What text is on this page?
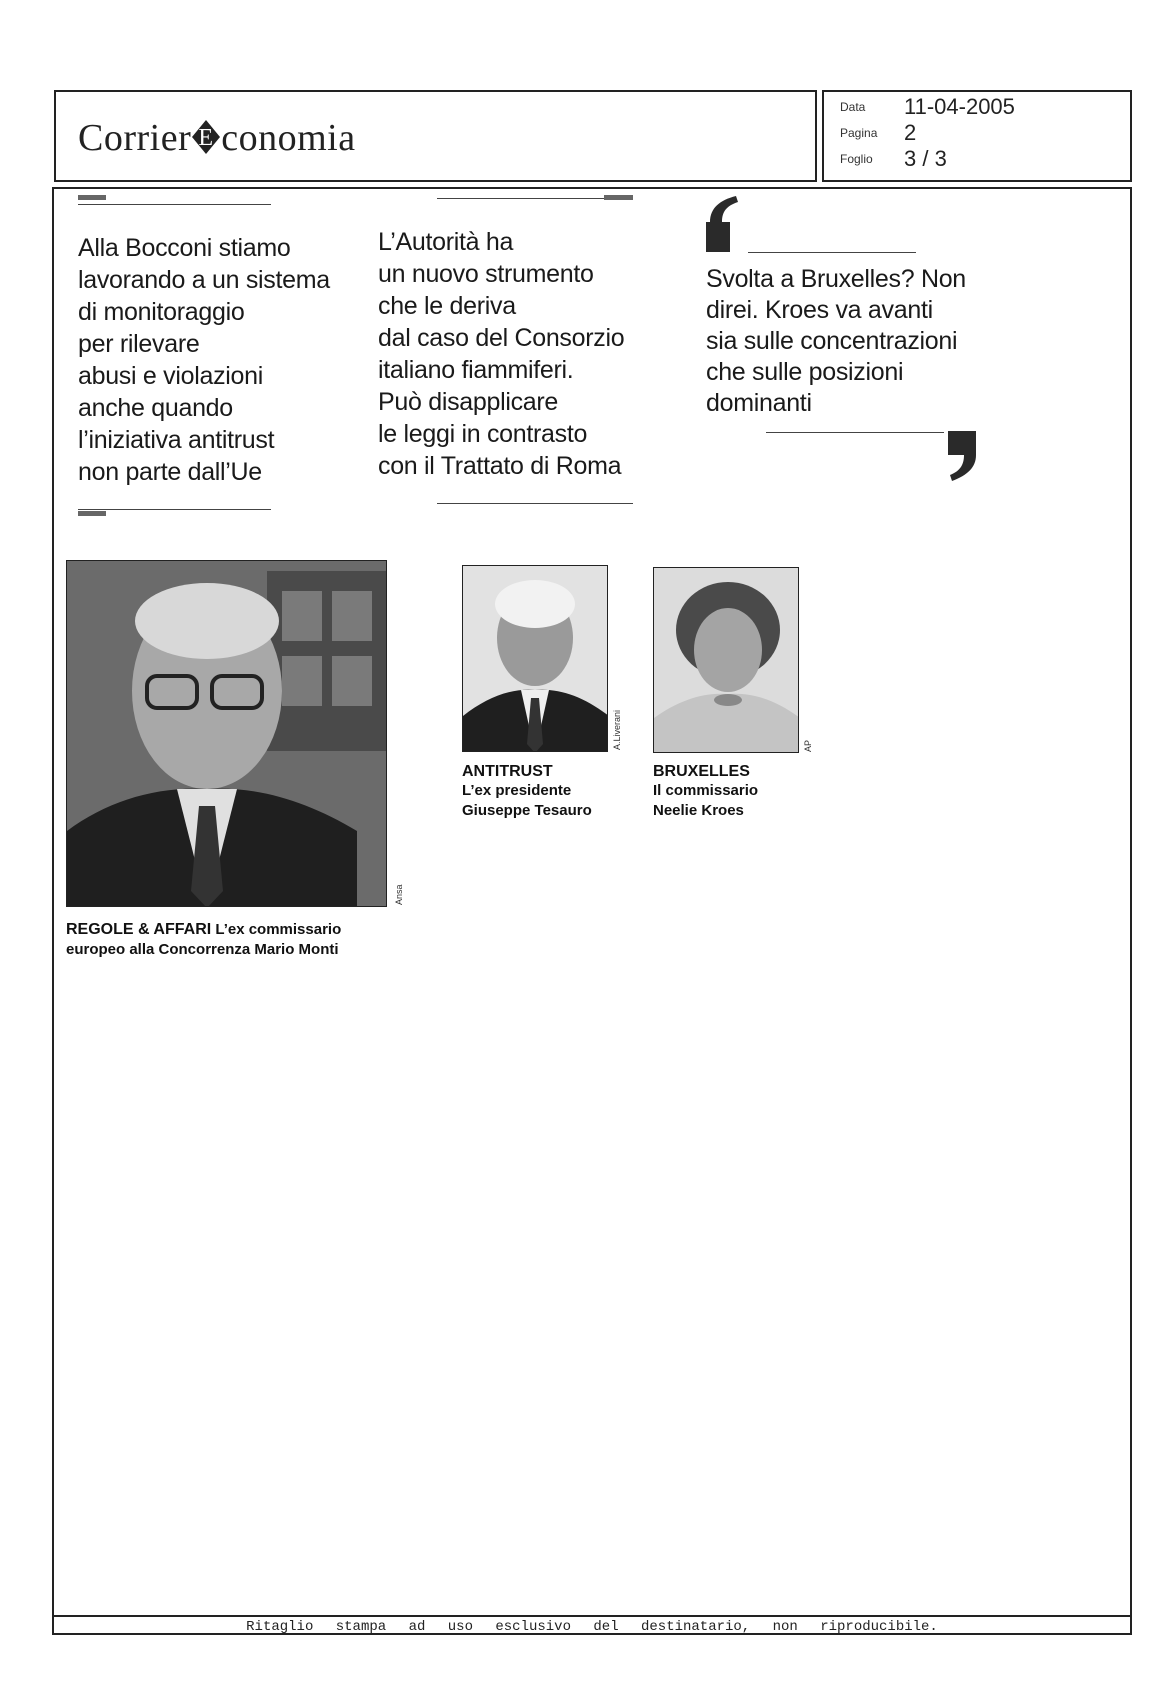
Corrier E conomia
Data 11-04-2005
Pagina 2
Foglio 3 / 3
Alla Bocconi stiamo
lavorando a un sistema
di monitoraggio
per rilevare
abusi e violazioni
anche quando
l’iniziativa antitrust
non parte dall’Ue
L’Autorità ha
un nuovo strumento
che le deriva
dal caso del Consorzio
italiano fiammiferi.
Può disapplicare
le leggi in contrasto
con il Trattato di Roma
Svolta a Bruxelles? Non
direi. Kroes va avanti
sia sulle concentrazioni
che sulle posizioni
dominanti
Ansa
REGOLE & AFFARI L’ex commissario
europeo alla Concorrenza Mario Monti
A.Liverani
ANTITRUST
L’ex presidente
Giuseppe Tesauro
AP
BRUXELLES
Il commissario
Neelie Kroes
Ritaglio stampa ad uso esclusivo del destinatario, non riproducibile.
